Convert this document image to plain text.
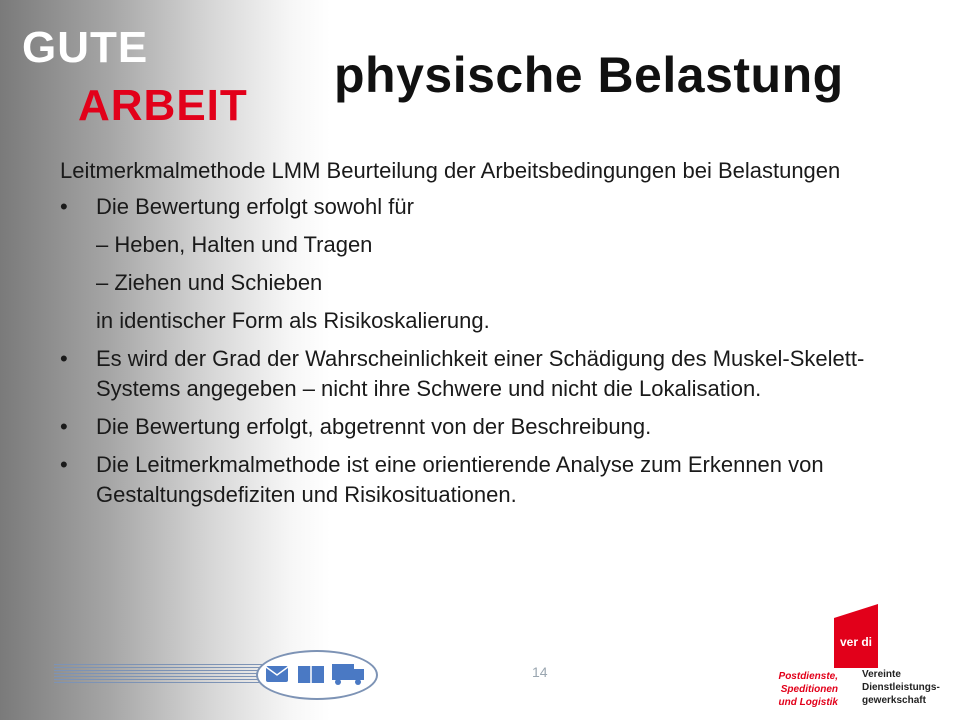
GUTE
ARBEIT
physische Belastung

Leitmerkmalmethode LMM Beurteilung der Arbeitsbedingungen bei Belastungen

• Die Bewertung erfolgt sowohl für
– Heben, Halten und Tragen
– Ziehen und Schieben
in identischer Form als Risikoskalierung.
• Es wird der Grad der Wahrscheinlichkeit einer Schädigung des Muskel-Skelett- Systems angegeben – nicht ihre Schwere und nicht die Lokalisation.
• Die Bewertung erfolgt, abgetrennt von der Beschreibung.
• Die Leitmerkmalmethode ist eine orientierende Analyse zum Erkennen von Gestaltungsdefiziten und Risikosituationen.
14
ver di
Postdienste, Speditionen
und Logistik
Vereinte
Dienstleistungs-
gewerkschaft
